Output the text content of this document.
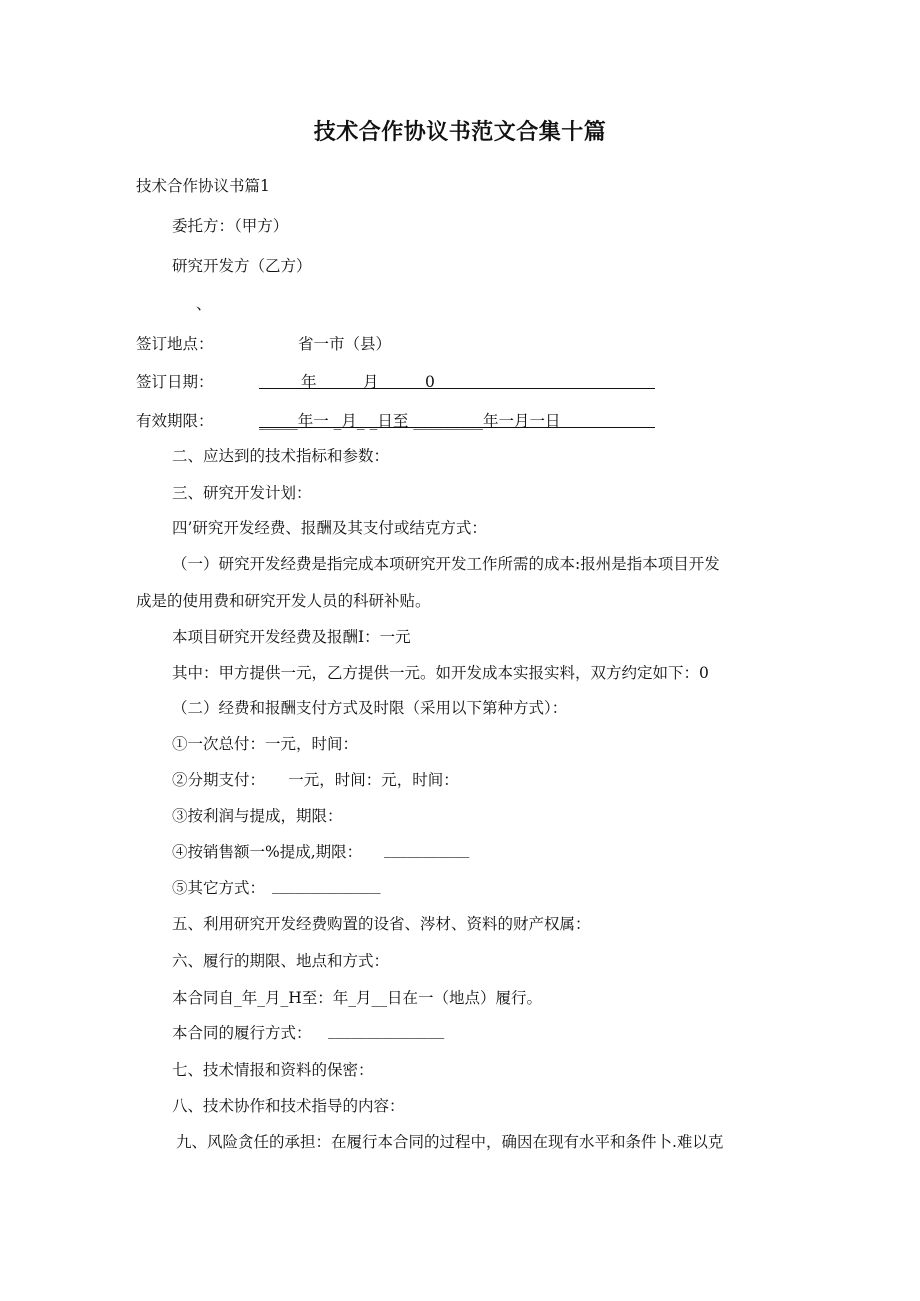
技术合作协议书范文合集十篇
技术合作协议书篇1
委托方：（甲方）
研究开发方（乙方）
、
签订地点：	省一市（县）
签订日期：	年　　　月　　　0
有效期限：	_____年一 _月_ _日至 _________年一月一日
二、应达到的技术指标和参数：
三、研究开发计划：
四’研究开发经费、报酬及其支付或结克方式：
（一）研究开发经费是指完成本项研究开发工作所需的成本:报州是指本项目开发
成是的使用费和研究开发人员的科研补贴。
本项目研究开发经费及报酬I：一元
其中：甲方提供一元，乙方提供一元。如开发成本实报实料，双方约定如下：0
（二）经费和报酬支付方式及时限（采用以下第种方式）：
①一次总付：一元，时间：
②分期支付：　　一元，时间：元，时间：
③按利润与提成，期限：
④按销售额一%提成,期限： ___________
⑤其它方式： ______________
五、利用研究开发经费购置的设省、涔材、资料的财产权属：
六、履行的期限、地点和方式：
本合同自_年_月_H至：年_月__日在一（地点）履行。
本合同的履行方式： _______________
七、技术情报和资料的保密：
八、技术协作和技术指导的内容：
九、风险贪任的承担：在履行本合同的过程中，确因在现有水平和条件卜.难以克
